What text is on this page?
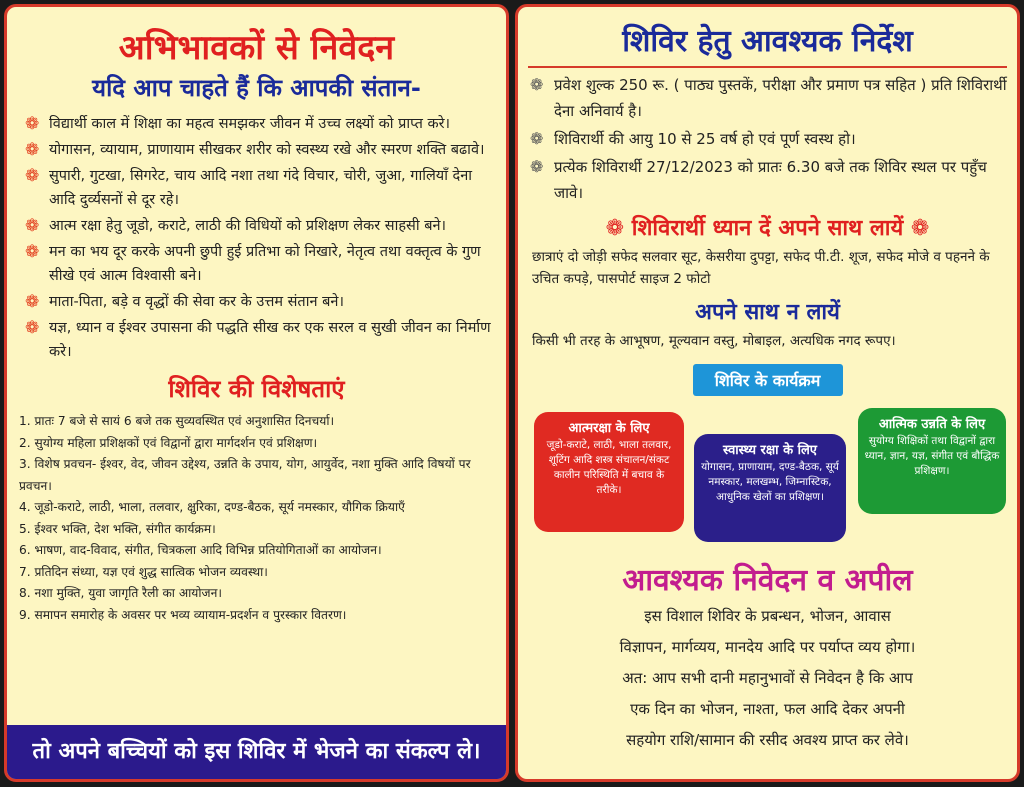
अभिभावकों से निवेदन
यदि आप चाहते हैं कि आपकी संतान-
❁ विद्यार्थी काल में शिक्षा का महत्व समझकर जीवन में उच्च लक्ष्यों को प्राप्त करे।
❁ योगासन, व्यायाम, प्राणायाम सीखकर शरीर को स्वस्थ्य रखे और स्मरण शक्ति बढावे।
❁ सुपारी, गुटखा, सिगरेट, चाय आदि नशा तथा गंदे विचार, चोरी, जुआ, गालियाँ देना आदि दुर्व्यसनों से दूर रहे।
❁ आत्म रक्षा हेतु जूडो, कराटे, लाठी की विधियों को प्रशिक्षण लेकर साहसी बने।
❁ मन का भय दूर करके अपनी छुपी हुई प्रतिभा को निखारे, नेतृत्व तथा वक्तृत्व के गुण सीखे एवं आत्म विश्वासी बने।
❁ माता-पिता, बड़े व वृद्धों की सेवा कर के उत्तम संतान बने।
❁ यज्ञ, ध्यान व ईश्वर उपासना की पद्धति सीख कर एक सरल व सुखी जीवन का निर्माण करे।
शिविर की विशेषताएं
1. प्रातः 7 बजे से सायं 6 बजे तक सुव्यवस्थित एवं अनुशासित दिनचर्या।
2. सुयोग्य महिला प्रशिक्षकों एवं विद्वानों द्वारा मार्गदर्शन एवं प्रशिक्षण।
3. विशेष प्रवचन- ईश्वर, वेद, जीवन उद्देश्य, उन्नति के उपाय, योग, आयुर्वेद, नशा मुक्ति आदि विषयों पर प्रवचन।
4. जूडो-कराटे, लाठी, भाला, तलवार, क्षुरिका, दण्ड-बैठक, सूर्य नमस्कार, यौगिक क्रियाएँ
5. ईश्वर भक्ति, देश भक्ति, संगीत कार्यक्रम।
6. भाषण, वाद-विवाद, संगीत, चित्रकला आदि विभिन्न प्रतियोगिताओं का आयोजन।
7. प्रतिदिन संध्या, यज्ञ एवं शुद्ध सात्विक भोजन व्यवस्था।
8. नशा मुक्ति, युवा जागृति रैली का आयोजन।
9. समापन समारोह के अवसर पर भव्य व्यायाम-प्रदर्शन व पुरस्कार वितरण।
तो अपने बच्चियों को इस शिविर में भेजने का संकल्प ले।
शिविर हेतु आवश्यक निर्देश
❁ प्रवेश शुल्क 250 रू. ( पाठ्य पुस्तकें, परीक्षा और प्रमाण पत्र सहित ) प्रति शिविरार्थी देना अनिवार्य है।
❁ शिविरार्थी की आयु 10 से 25 वर्ष हो एवं पूर्ण स्वस्थ हो।
❁ प्रत्येक शिविरार्थी 27/12/2023 को प्रातः 6.30 बजे तक शिविर स्थल पर पहुँच जावे।
❁ शिविरार्थी ध्यान दें अपने साथ लायें ❁

छात्राएं दो जोड़ी सफेद सलवार सूट, केसरीया दुपट्टा, सफेद पी.टी. शूज, सफेद मोजे व पहनने के उचित कपड़े, पासपोर्ट साइज 2 फोटो

अपने साथ न लायें

किसी भी तरह के आभूषण, मूल्यवान वस्तु, मोबाइल, अत्यधिक नगद रूपए।

शिविर के कार्यक्रम
आत्मरक्षा के लिए
जूडो-कराटे, लाठी, भाला तलवार, शूटिंग आदि शस्त्र संचालन/संकट कालीन परिस्थिति में बचाव के तरीके।
स्वास्थ्य रक्षा के लिए
योगासन, प्राणायाम, दण्ड-बैठक, सूर्य नमस्कार, मलखम्भ, जिम्नास्टिक, आधुनिक खेलों का प्रशिक्षण।
आत्मिक उन्नति के लिए
सुयोग्य शिक्षिकों तथा विद्वानों द्वारा ध्यान, ज्ञान, यज्ञ, संगीत एवं बौद्धिक प्रशिक्षण।
आवश्यक निवेदन व अपील

इस विशाल शिविर के प्रबन्धन, भोजन, आवास

विज्ञापन, मार्गव्यय, मानदेय आदि पर पर्याप्त व्यय होगा।

अत: आप सभी दानी महानुभावों से निवेदन है कि आप

एक दिन का भोजन, नाश्ता, फल आदि देकर अपनी

सहयोग राशि/सामान की रसीद अवश्य प्राप्त कर लेवे।
